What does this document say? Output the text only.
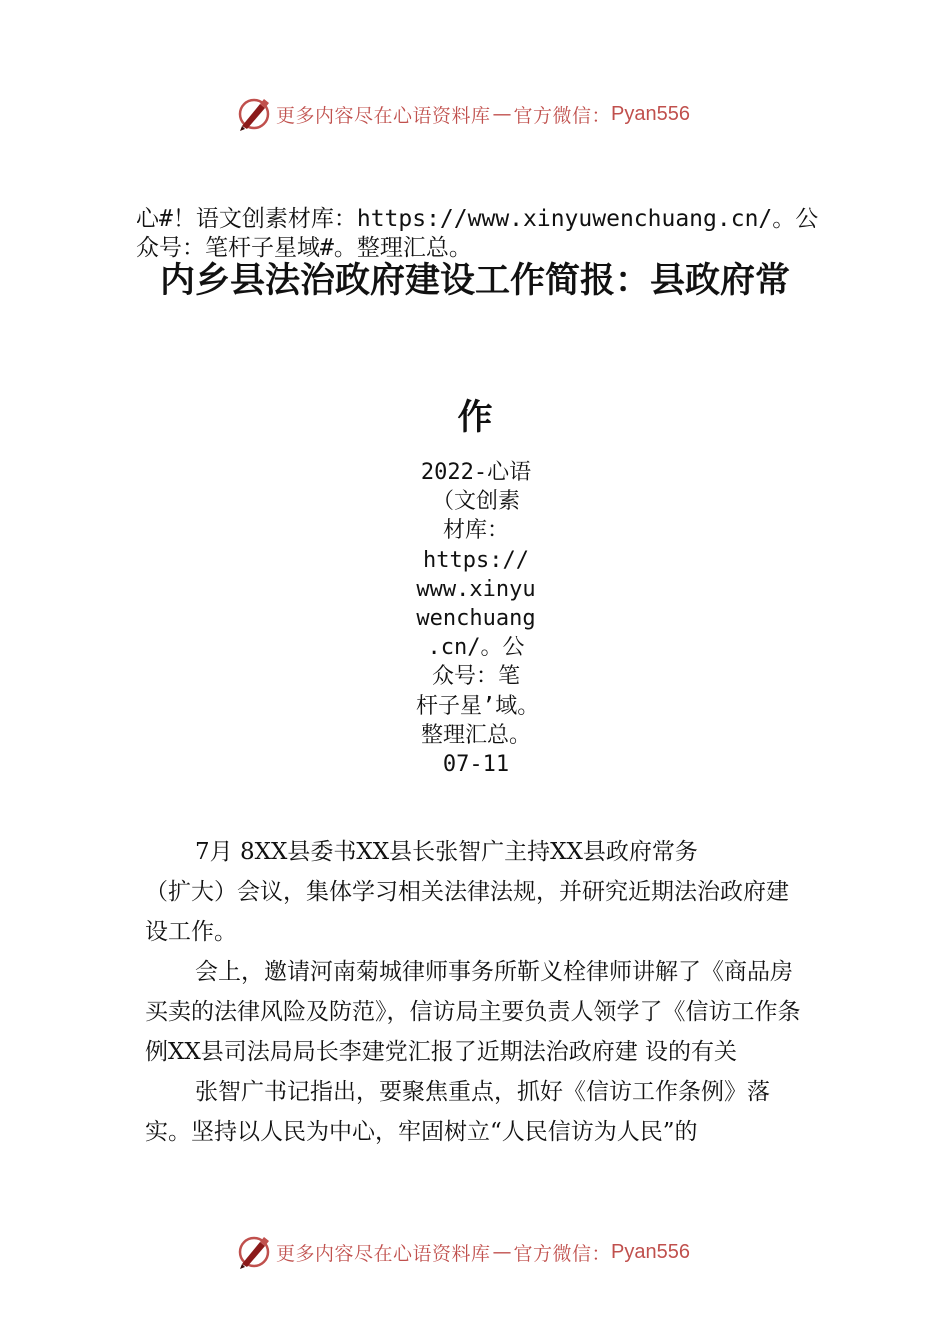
更多内容尽在心语资料库 — 官方微信： Pyan556
心#！语文创素材库：https://www.xinyuwenchuang.cn/。公众号：笔杆子星域#。整理汇总。
内乡县法治政府建设工作简报：县政府常
作
2022-心语
（文创素
材库：
https://
www.xinyu
wenchuang
.cn/。公
众号：笔
杆子星’域。
整理汇总。
07-11

7月 8XX县委书XX县长张智广主持XX县政府常务

（扩大）会议，集体学习相关法律法规，并研究近期法治政府建设工作。

会上，邀请河南菊城律师事务所靳义栓律师讲解了《商品房买卖的法律风险及防范》，信访局主要负责人领学了《信访工作条例XX县司法局局长李建党汇报了近期法治政府建 设的有关

张智广书记指出，要聚焦重点，抓好《信访工作条例》落实。坚持以人民为中心，牢固树立“人民信访为人民”的

更多内容尽在心语资料库 — 官方微信： Pyan556
